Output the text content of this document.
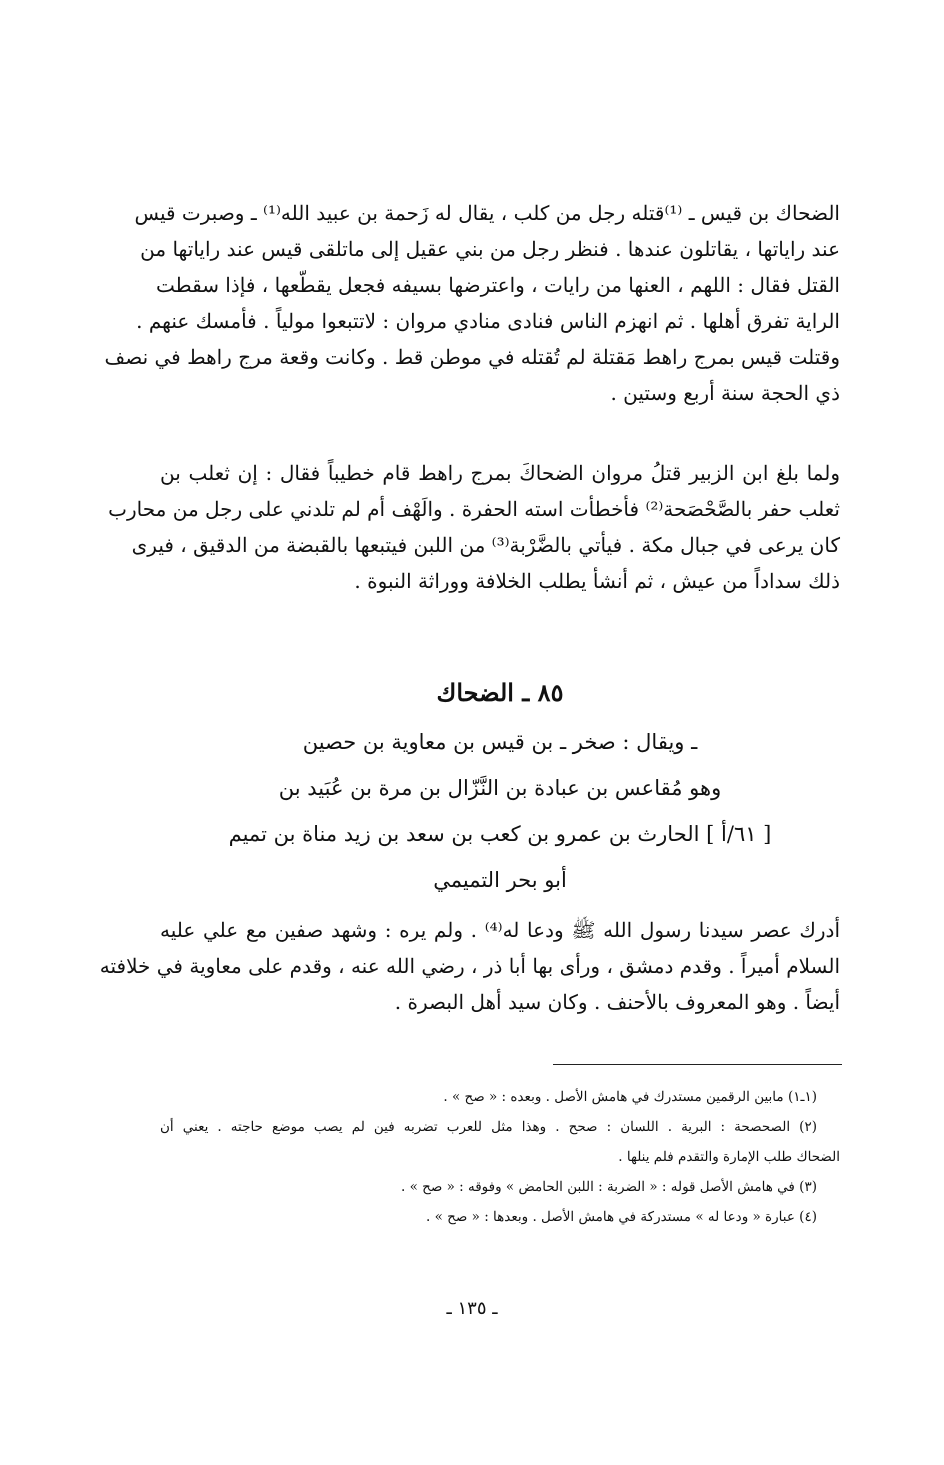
الضحاك بن قيس ـ ⁽¹⁾قتله رجل من كلب ، يقال له زَحمة بن عبيد الله⁽¹⁾ ـ وصبرت قيس
عند راياتها ، يقاتلون عندها . فنظر رجل من بني عقيل إلى ماتلقى قيس عند راياتها من
القتل فقال : اللهم ، العنها من رايات ، واعترضها بسيفه فجعل يقطّعها ، فإذا سقطت
الراية تفرق أهلها . ثم انهزم الناس فنادى منادي مروان : لاتتبعوا مولياً . فأمسك عنهم .
وقتلت قيس بمرج راهط مَقتلة لم تُقتله في موطن قط . وكانت وقعة مرج راهط في نصف
ذي الحجة سنة أربع وستين .
ولما بلغ ابن الزبير قتلُ مروان الضحاكَ بمرج راهط قام خطيباً فقال : إن ثعلب بن
ثعلب حفر بالصَّحْصَحة⁽²⁾ فأخطأت استه الحفرة . والَهْف أم لم تلدني على رجل من محارب
كان يرعى في جبال مكة . فيأتي بالضَّرْبة⁽³⁾ من اللبن فيتبعها بالقبضة من الدقيق ، فيرى
ذلك سداداً من عيش ، ثم أنشأ يطلب الخلافة ووراثة النبوة .
٨٥ ـ الضحاك
ـ ويقال : صخر ـ بن قيس بن معاوية بن حصين
وهو مُقاعس بن عبادة بن النَّزّال بن مرة بن عُبَيد بن
[ ٦١/أ ] الحارث بن عمرو بن كعب بن سعد بن زيد مناة بن تميم
أبو بحر التميمي
أدرك عصر سيدنا رسول الله ﷺ ودعا له⁽⁴⁾ . ولم يره : وشهد صفين مع علي عليه
السلام أميراً . وقدم دمشق ، ورأى بها أبا ذر ، رضي الله عنه ، وقدم على معاوية في خلافته
أيضاً . وهو المعروف بالأحنف . وكان سيد أهل البصرة .
(١ـ١) مابين الرقمين مستدرك في هامش الأصل . وبعده : « صح » .
(٢) الصحصحة : البرية . اللسان : صحح . وهذا مثل للعرب تضربه فين لم يصب موضع حاجته . يعني أن
الضحاك طلب الإمارة والتقدم فلم ينلها .
(٣) في هامش الأصل قوله : « الضربة : اللبن الحامض » وفوقه : « صح » .
(٤) عبارة « ودعا له » مستدركة في هامش الأصل . وبعدها : « صح » .
ـ ١٣٥ ـ
